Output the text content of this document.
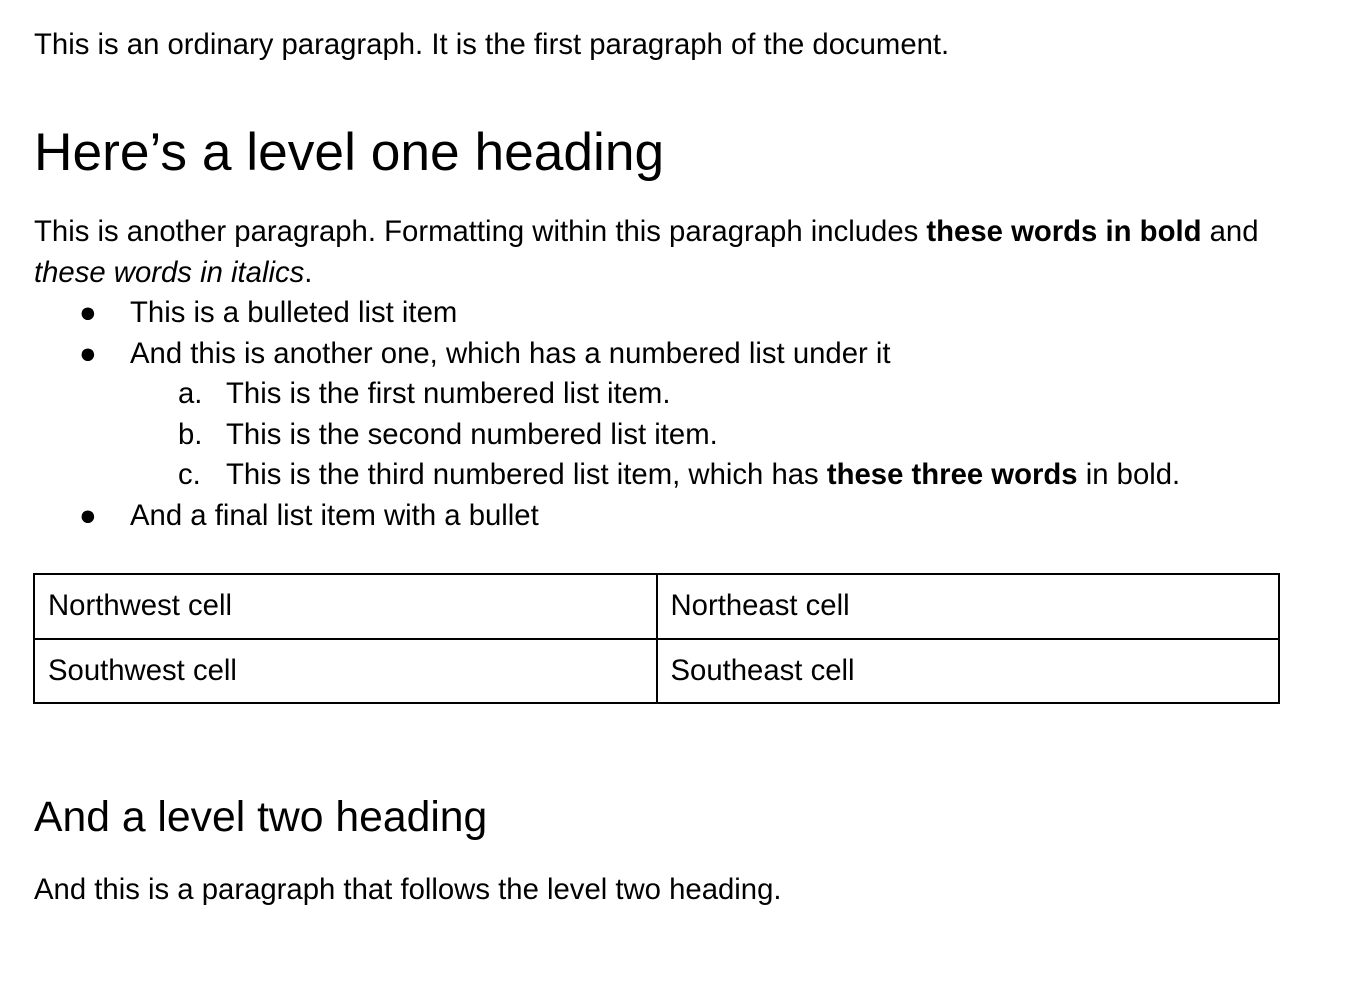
This is an ordinary paragraph. It is the first paragraph of the document.

Here’s a level one heading

This is another paragraph. Formatting within this paragraph includes these words in bold and these words in italics.

● This is a bulleted list item
● And this is another one, which has a numbered list under it
a. This is the first numbered list item.
b. This is the second numbered list item.
c. This is the third numbered list item, which has these three words in bold.
● And a final list item with a bullet
Northwest cell	Northeast cell
Southwest cell	Southeast cell
And a level two heading

And this is a paragraph that follows the level two heading.
